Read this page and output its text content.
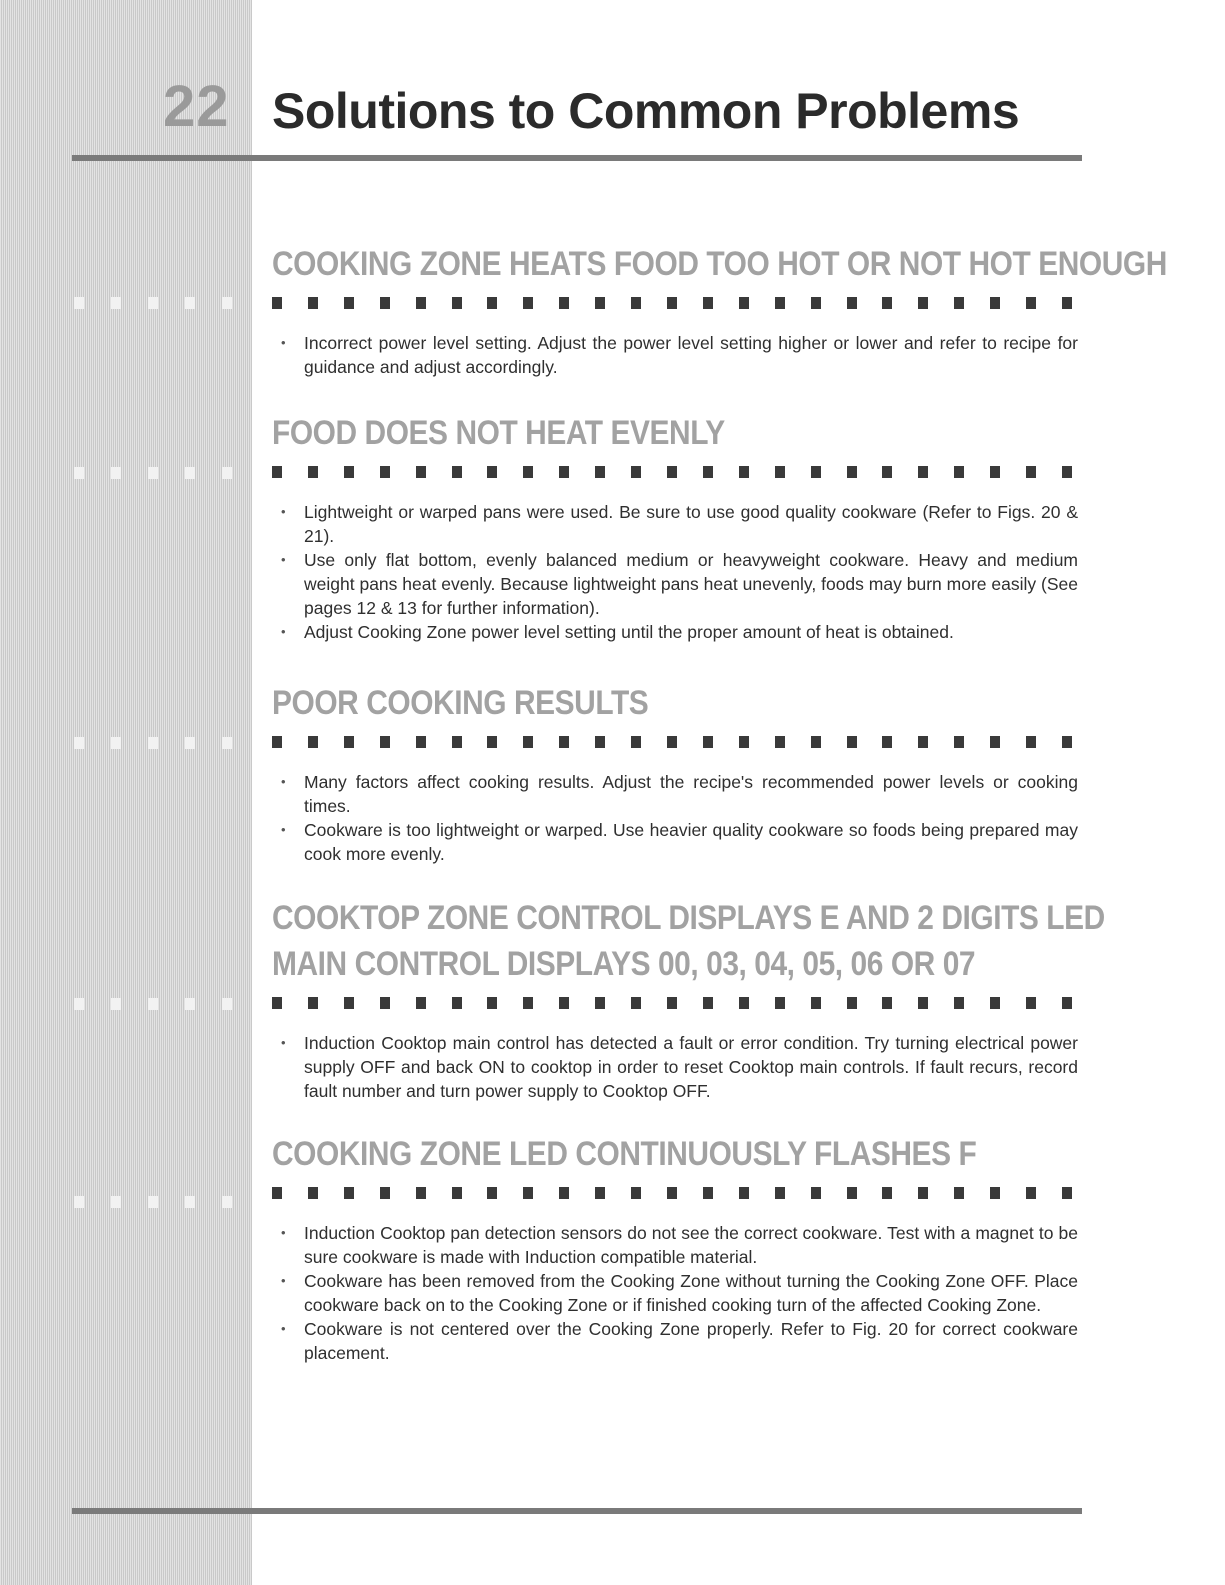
22 Solutions to Common Problems
COOKING ZONE HEATS FOOD TOO HOT OR NOT HOT ENOUGH
• Incorrect power level setting. Adjust the power level setting higher or lower and refer to recipe for guidance and adjust accordingly.
FOOD DOES NOT HEAT EVENLY
• Lightweight or warped pans were used. Be sure to use good quality cookware (Refer to Figs. 20 & 21).
• Use only flat bottom, evenly balanced medium or heavyweight cookware. Heavy and medium weight pans heat evenly. Because lightweight pans heat unevenly, foods may burn more easily (See pages 12 & 13 for further information).
• Adjust Cooking Zone power level setting until the proper amount of heat is obtained.
POOR COOKING RESULTS
• Many factors affect cooking results. Adjust the recipe's recommended power levels or cooking times.
• Cookware is too lightweight or warped. Use heavier quality cookware so foods being prepared may cook more evenly.
COOKTOP ZONE CONTROL DISPLAYS E AND 2 DIGITS LED
MAIN CONTROL DISPLAYS 00, 03, 04, 05, 06 OR 07
• Induction Cooktop main control has detected a fault or error condition. Try turning electrical power supply OFF and back ON to cooktop in order to reset Cooktop main controls. If fault recurs, record fault number and turn power supply to Cooktop OFF.
COOKING ZONE LED CONTINUOUSLY FLASHES F
• Induction Cooktop pan detection sensors do not see the correct cookware. Test with a magnet to be sure cookware is made with Induction compatible material.
• Cookware has been removed from the Cooking Zone without turning the Cooking Zone OFF. Place cookware back on to the Cooking Zone or if finished cooking turn of the affected Cooking Zone.
• Cookware is not centered over the Cooking Zone properly. Refer to Fig. 20 for correct cookware placement.
